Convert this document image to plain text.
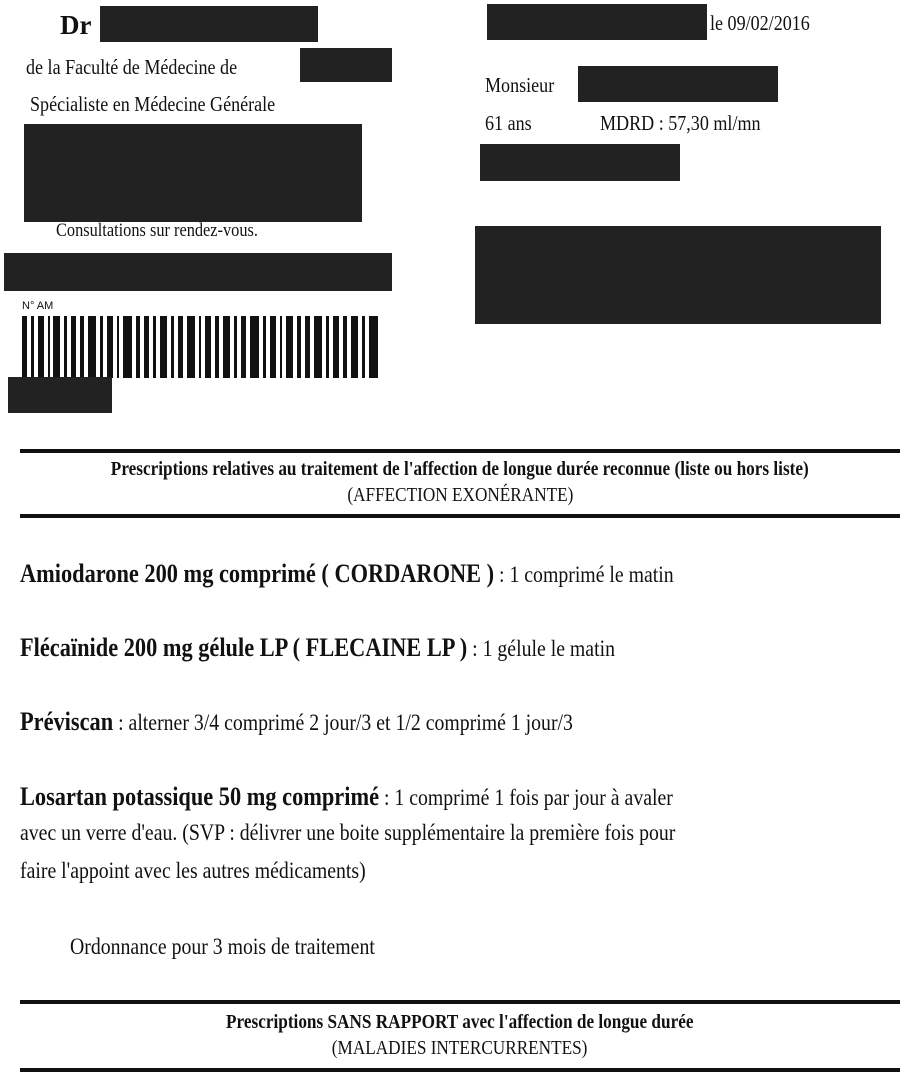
Dr
de la Faculté de Médecine de
Spécialiste en Médecine Générale
Consultations sur rendez-vous.
N° AM
le 09/02/2016
Monsieur
61 ans	MDRD : 57,30 ml/mn
Prescriptions relatives au traitement de l'affection de longue durée reconnue (liste ou hors liste)
(AFFECTION EXONÉRANTE)
Amiodarone 200 mg comprimé ( CORDARONE ) : 1 comprimé le matin
Flécaïnide 200 mg gélule LP ( FLECAINE LP ) : 1 gélule le matin
Préviscan : alterner 3/4 comprimé 2 jour/3 et 1/2 comprimé 1 jour/3
Losartan potassique 50 mg comprimé : 1 comprimé 1 fois par jour à avaler
avec un verre d'eau. (SVP : délivrer une boite supplémentaire la première fois pour
faire l'appoint avec les autres médicaments)
Ordonnance pour 3 mois de traitement
Prescriptions SANS RAPPORT avec l'affection de longue durée
(MALADIES INTERCURRENTES)
